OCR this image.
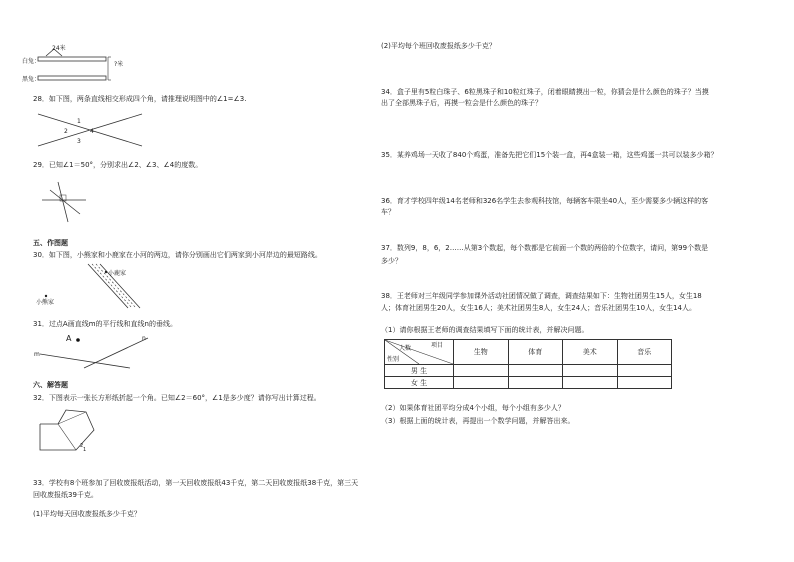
24米
?米
白兔：
黑兔：
28．如下图，两条直线相交形成四个角，请推理说明图中的∠1=∠3.
1
2
3
4
29．已知∠1＝50°，分别求出∠2、∠3、∠4的度数。
五、作图题
30．如下图，小熊家和小鹿家在小河的两边，请你分别画出它们两家到小河岸边的最短路线。
小鹿家
小熊家
31．过点A画直线m的平行线和直线n的垂线。
A
m
n
六、解答题
32．下图表示一张长方形纸折起一个角。已知∠2＝60°，∠1是多少度？请你写出计算过程。
2
1
33．学校有8个班参加了回收废报纸活动，第一天回收废报纸43千克，第二天回收废报纸38千克，第三天回收废报纸39千克。
(1)平均每天回收废报纸多少千克？
(2)平均每个班回收废报纸多少千克？
34．盒子里有5粒白珠子、6粒黑珠子和10粒红珠子，闭着眼睛摸出一粒，你猜会是什么颜色的珠子？当摸出了全部黑珠子后，再摸一粒会是什么颜色的珠子？
35．某养鸡场一天收了840个鸡蛋，准备先把它们15个装一盒，再4盒装一箱，这些鸡蛋一共可以装多少箱？
36．育才学校四年级14名老师和326名学生去参观科技馆，每辆客车限坐40人，至少需要多少辆这样的客车？
37．数列9，8，6，2……从第3个数起，每个数都是它前面一个数的两倍的个位数字，请问，第99个数是多少？
38．王老师对三年级同学参加课外活动社团情况做了调查，调查结果如下：生物社团男生15人，女生18人；体育社团男生20人，女生16人；美术社团男生8人，女生24人；音乐社团男生10人，女生14人。
（1）请你根据王老师的调查结果填写下面的统计表，并解决问题。
项目
人数
性别	生物	体育	美术	音乐
男 生				
女 生				
（2）如果体育社团平均分成4个小组，每个小组有多少人？
（3）根据上面的统计表，再提出一个数学问题，并解答出来。
